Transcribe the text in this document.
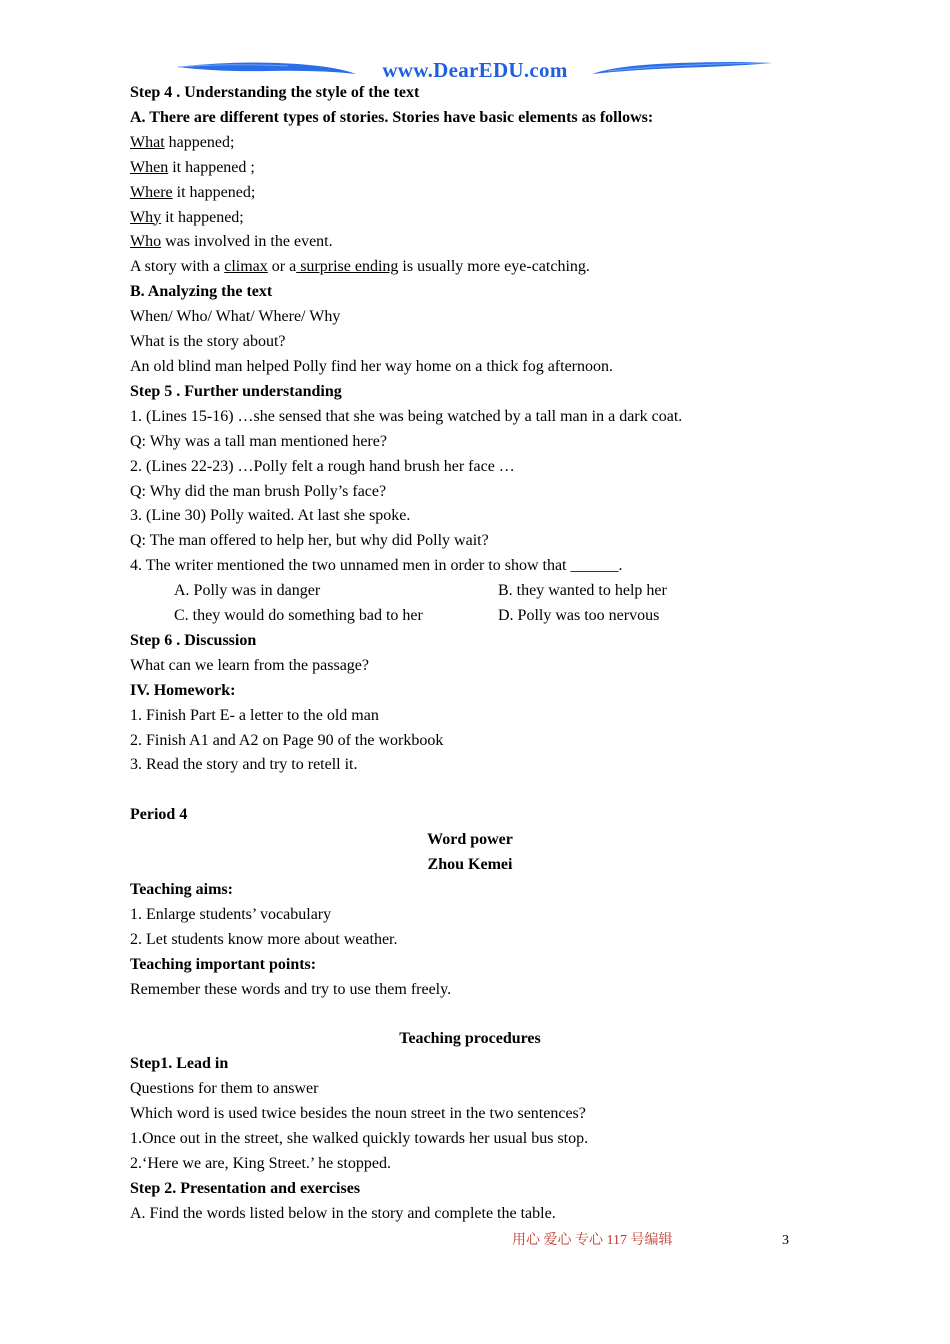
www.DearEDU.com
Step 4 . Understanding the style of the text
A. There are different types of stories. Stories have basic elements as follows:
What happened;
When it happened ;
Where it happened;
Why it happened;
Who was involved in the event.
A story with a climax or a surprise ending is usually more eye-catching.
B. Analyzing the text
When/ Who/ What/ Where/ Why
What is the story about?
An old blind man helped Polly find her way home on a thick fog afternoon.
Step 5 . Further understanding
1. (Lines 15-16) …she sensed that she was being watched by a tall man in a dark coat.
Q: Why was a tall man mentioned here?
2. (Lines 22-23) …Polly felt a rough hand brush her face …
Q: Why did the man brush Polly’s face?
3. (Line 30) Polly waited. At last she spoke.
Q: The man offered to help her, but why did Polly wait?
4. The writer mentioned the two unnamed men in order to show that ______.
A. Polly was in danger	B. they wanted to help her
C. they would do something bad to her	D. Polly was too nervous
Step 6 . Discussion
What can we learn from the passage?
IV. Homework:
1. Finish Part E- a letter to the old man
2. Finish A1 and A2 on Page 90 of the workbook
3. Read the story and try to retell it.
Period 4
Word power
Zhou Kemei
Teaching aims:
1. Enlarge students’ vocabulary
2. Let students know more about weather.
Teaching important points:
Remember these words and try to use them freely.
Teaching procedures
Step1. Lead in
Questions for them to answer
Which word is used twice besides the noun street in the two sentences?
1.Once out in the street, she walked quickly towards her usual bus stop.
2.‘Here we are, King Street.’ he stopped.
Step 2. Presentation and exercises
A. Find the words listed below in the story and complete the table.
用心 爱心 专心 117 号编辑	3
